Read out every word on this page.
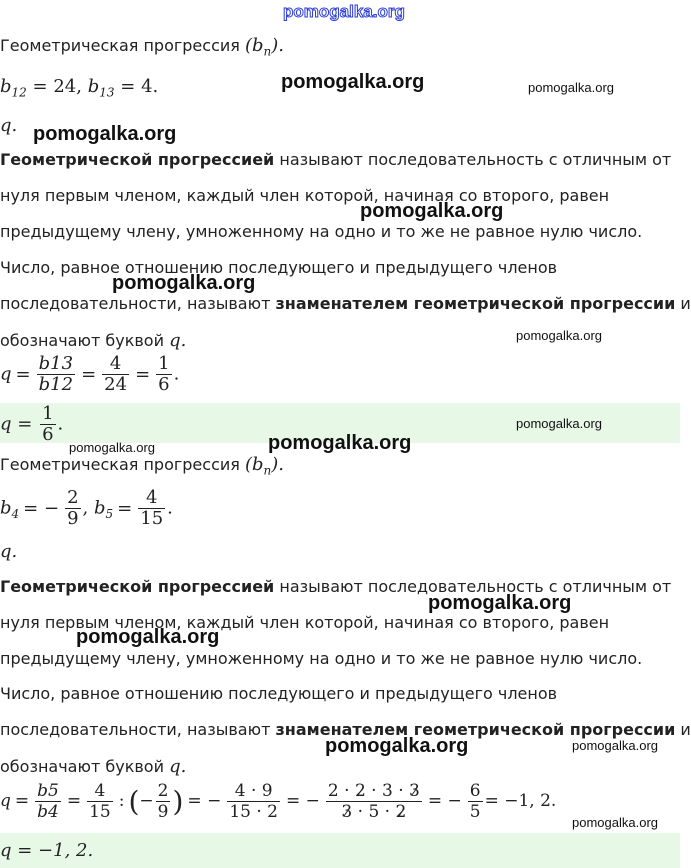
pomogalka.org
Геометрическая прогрессия $(b_n)$.
$b_{12} = 24$, $b_{13} = 4$.	pomogalka.org	pomogalka.org
q. pomogalka.org
Геометрической прогрессией называют последовательность с отличным от
нуля первым членом, каждый член которой, начиная со второго, равен
pomogalka.org
предыдущему члену, умноженному на одно и то же не равное нулю число.
Число, равное отношению последующего и предыдущего членов
pomogalka.org
последовательности, называют знаменателем геометрической прогрессии и
обозначают буквой q.	pomogalka.org
$q = \frac{b13}{b12} = \frac{4}{24} = \frac{1}{6}$ .
$q = \frac{1}{6}$ .	pomogalka.org
pomogalka.org	pomogalka.org
Геометрическая прогрессия $(b_n)$.
$b_4$ = − $\frac{2}{9}$ , $b_5 = \frac{4}{15}$ .
q.
Геометрической прогрессией называют последовательность с отличным от
pomogalka.org
нуля первым членом, каждый член которой, начиная со второго, равен
pomogalka.org
предыдущему члену, умноженному на одно и то же не равное нулю число.
Число, равное отношению последующего и предыдущего членов
последовательности, называют знаменателем геометрической прогрессии и
pomogalka.org	pomogalka.org
обозначают буквой q.
$q = \frac{b5}{b4} = \frac{4}{15}$ : (− $\frac{2}{9}$ ) = − $\frac{4 \cdot 9}{15 \cdot 2}$ = − $\frac{2 \cdot 2 \cdot 3 \cdot 3}{3 \cdot 5 \cdot 2}$ = − $\frac{6}{5} = -1$, 2.
pomogalka.org
q = −1, 2.
